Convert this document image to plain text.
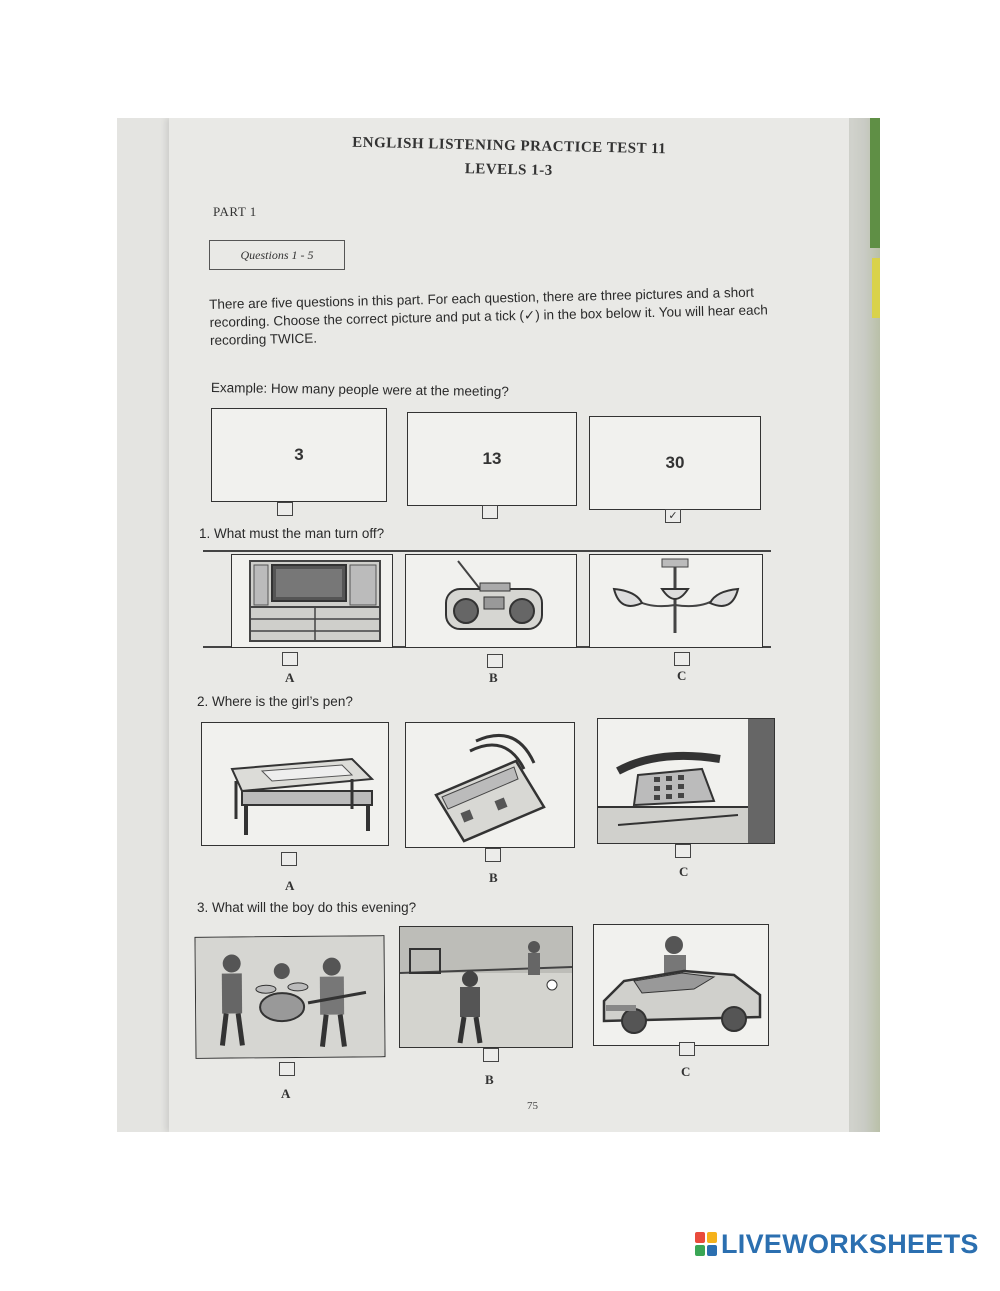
ENGLISH LISTENING PRACTICE TEST 11
LEVELS 1-3
PART 1
Questions 1 - 5
There are five questions in this part. For each question, there are three pictures and a short recording. Choose the correct picture and put a tick (✓) in the box below it. You will hear each recording TWICE.
Example: How many people were at the meeting?
3	13	30
✓
1. What must the man turn off?
A	B	C
2. Where is the girl’s pen?
A
B	C
3. What will the boy do this evening?
A
B
C
75
LIVEWORKSHEETS
